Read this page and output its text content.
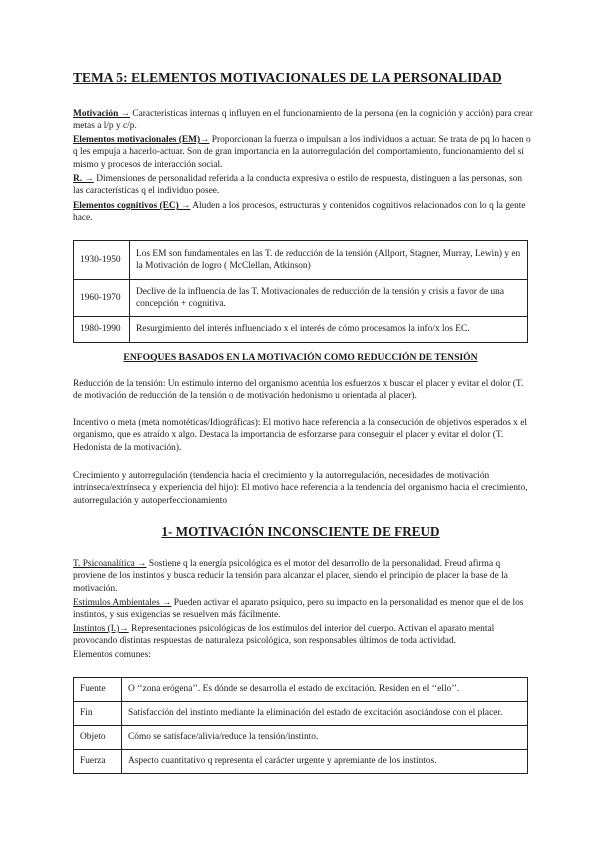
TEMA 5: ELEMENTOS MOTIVACIONALES DE LA PERSONALIDAD
Motivación → Características internas q influyen en el funcionamiento de la persona (en la cognición y acción) para crear metas a l/p y c/p.
Elementos motivacionales (EM)→ Proporcionan la fuerza o impulsan a los individuos a actuar. Se trata de pq lo hacen o q les empuja a hacerlo-actuar. Son de gran importancia en la autorregulación del comportamiento, funcionamiento del sí mismo y procesos de interacción social.
R. → Dimensiones de personalidad referida a la conducta expresiva o estilo de respuesta, distinguen a las personas, son las características q el individuo posee.
Elementos cognitivos (EC) → Aluden a los procesos, estructuras y contenidos cognitivos relacionados con lo q la gente hace.
1930-1950	Los EM son fundamentales en las T. de reducción de la tensión (Allport, Stagner, Murray, Lewin) y en la Motivación de logro ( McClellan, Atkinson)
1960-1970	Declive de la influencia de las T. Motivacionales de reducción de la tensión y crisis a favor de una concepción + cognitiva.
1980-1990	Resurgimiento del interés influenciado x el interés de cómo procesamos la info/x los EC.
ENFOQUES BASADOS EN LA MOTIVACIÓN COMO REDUCCIÓN DE TENSIÓN
Reducción de la tensión: Un estímulo interno del organismo acentúa los esfuerzos x buscar el placer y evitar el dolor (T. de motivación de reducción de la tensión o de motivación hedonismo u orientada al placer).
Incentivo o meta (meta nomotéticas/Idiográficas): El motivo hace referencia a la consecución de objetivos esperados x el organismo, que es atraído x algo. Destaca la importancia de esforzarse para conseguir el placer y evitar el dolor (T. Hedonista de la motivación).
Crecimiento y autorregulación (tendencia hacia el crecimiento y la autorregulación, necesidades de motivación intrínseca/extrínseca y experiencia del hijo): El motivo hace referencia a la tendencia del organismo hacia el crecimiento, autorregulación y autoperfeccionamiento
1- MOTIVACIÓN INCONSCIENTE DE FREUD
T. Psicoanalítica → Sostiene q la energía psicológica es el motor del desarrollo de la personalidad. Freud afirma q proviene de los instintos y busca reducir la tensión para alcanzar el placer, siendo el principio de placer la base de la motivación.
Estímulos Ambientales → Pueden activar el aparato psíquico, pero su impacto en la personalidad es menor que el de los instintos, y sus exigencias se resuelven más fácilmente.
Instintos (I.)→ Representaciones psicológicas de los estímulos del interior del cuerpo. Activan el aparato mental provocando distintas respuestas de naturaleza psicológica, son responsables últimos de toda actividad.
Elementos comunes:
Fuente	O ‘‘zona erógena’’. Es dónde se desarrolla el estado de excitación. Residen en el ‘‘ello’’.
Fin	Satisfacción del instinto mediante la eliminación del estado de excitación asociándose con el placer.
Objeto	Cómo se satisface/alivia/reduce la tensión/instinto.
Fuerza	Aspecto cuantitativo q representa el carácter urgente y apremiante de los instintos.
